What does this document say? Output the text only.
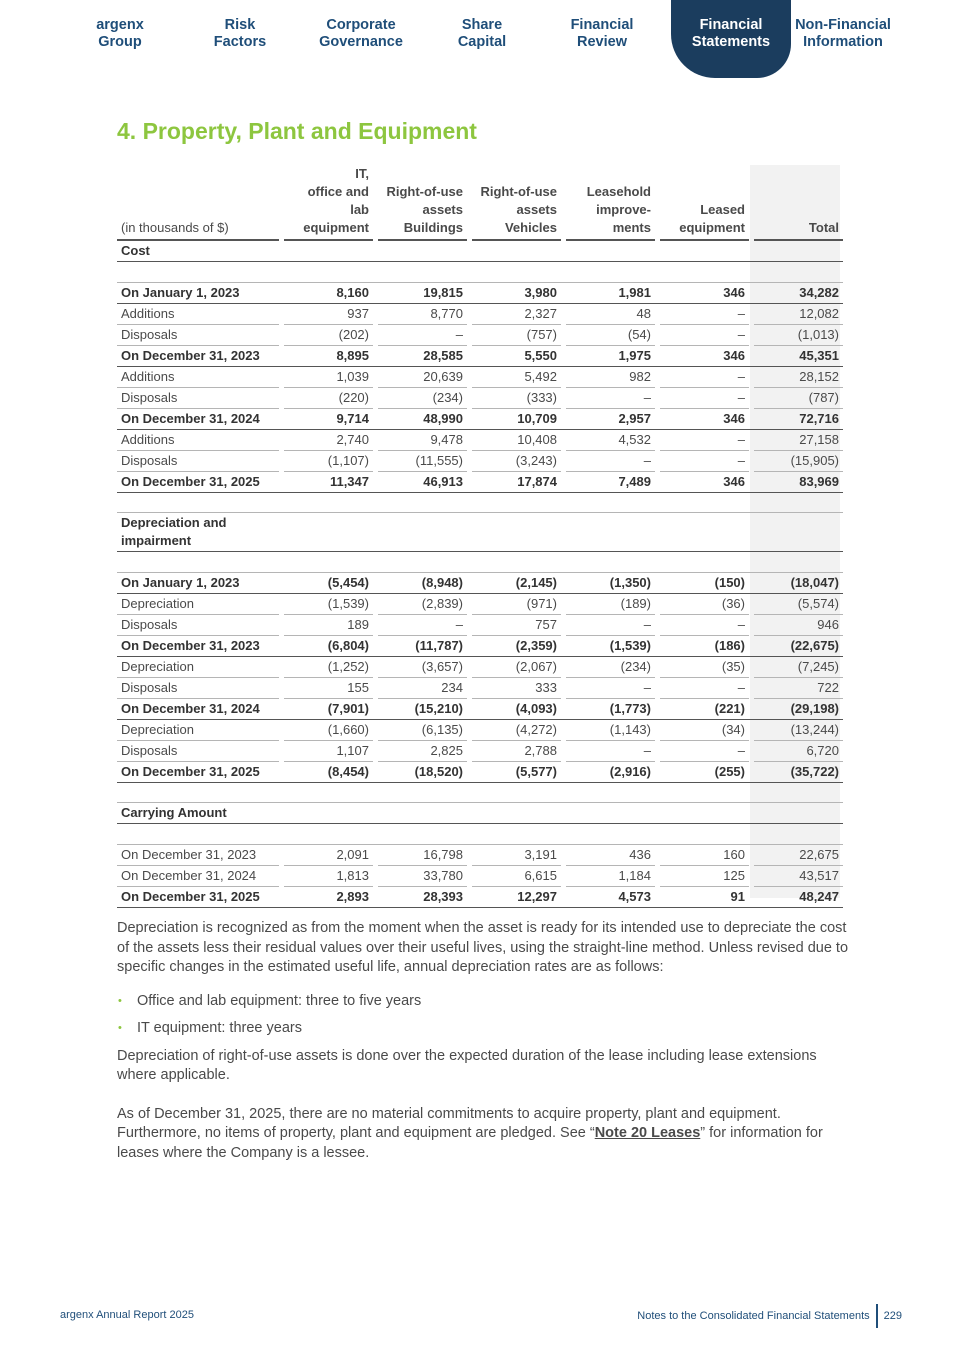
argenx
Group
Risk
Factors
Corporate
Governance
Share
Capital
Financial
Review
Financial
Statements
Non-Financial
Information
4. Property, Plant and Equipment
(in thousands of $)		IT,
office and
lab
equipment		Right-of-use
assets
Buildings		Right-of-use
assets
Vehicles		Leasehold
improve-
ments		Leased
equipment		Total
Cost												

On January 1, 2023		8,160		19,815		3,980		1,981		346		34,282
Additions		937		8,770		2,327		48		–		12,082
Disposals		(202)		–		(757)		(54)		–		(1,013)
On December 31, 2023		8,895		28,585		5,550		1,975		346		45,351
Additions		1,039		20,639		5,492		982		–		28,152
Disposals		(220)		(234)		(333)		–		–		(787)
On December 31, 2024		9,714		48,990		10,709		2,957		346		72,716
Additions		2,740		9,478		10,408		4,532		–		27,158
Disposals		(1,107)		(11,555)		(3,243)		–		–		(15,905)
On December 31, 2025		11,347		46,913		17,874		7,489		346		83,969

Depreciation and impairment												

On January 1, 2023		(5,454)		(8,948)		(2,145)		(1,350)		(150)		(18,047)
Depreciation		(1,539)		(2,839)		(971)		(189)		(36)		(5,574)
Disposals		189		–		757		–		–		946
On December 31, 2023		(6,804)		(11,787)		(2,359)		(1,539)		(186)		(22,675)
Depreciation		(1,252)		(3,657)		(2,067)		(234)		(35)		(7,245)
Disposals		155		234		333		–		–		722
On December 31, 2024		(7,901)		(15,210)		(4,093)		(1,773)		(221)		(29,198)
Depreciation		(1,660)		(6,135)		(4,272)		(1,143)		(34)		(13,244)
Disposals		1,107		2,825		2,788		–		–		6,720
On December 31, 2025		(8,454)		(18,520)		(5,577)		(2,916)		(255)		(35,722)

Carrying Amount												

On December 31, 2023		2,091		16,798		3,191		436		160		22,675
On December 31, 2024		1,813		33,780		6,615		1,184		125		43,517
On December 31, 2025		2,893		28,393		12,297		4,573		91		48,247

Depreciation is recognized as from the moment when the asset is ready for its intended use to depreciate the cost of the assets less their residual values over their useful lives, using the straight-line method. Unless revised due to specific changes in the estimated useful life, annual depreciation rates are as follows:

• Office and lab equipment: three to five years
• IT equipment: three years

Depreciation of right-of-use assets is done over the expected duration of the lease including lease extensions where applicable.

As of December 31, 2025, there are no material commitments to acquire property, plant and equipment. Furthermore, no items of property, plant and equipment are pledged. See “Note 20 Leases” for information for leases where the Company is a lessee.

argenx Annual Report 2025	Notes to the Consolidated Financial Statements 229
